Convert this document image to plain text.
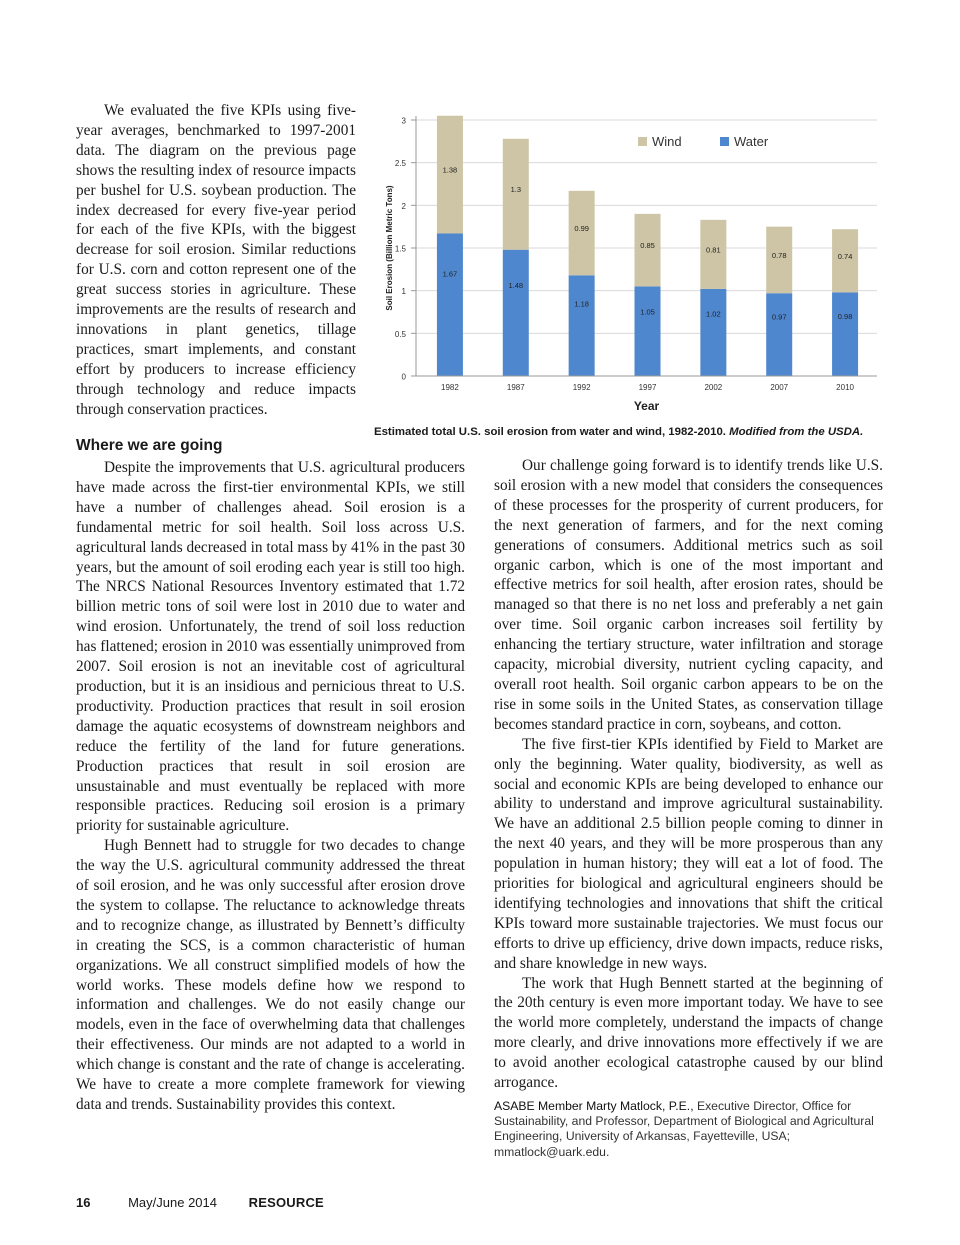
We evaluated the five KPIs using five-year averages, benchmarked to 1997-2001 data. The diagram on the previous page shows the resulting index of resource impacts per bushel for U.S. soybean production. The index decreased for every five-year period for each of the five KPIs, with the biggest decrease for soil erosion. Similar reductions for U.S. corn and cotton represent one of the great success stories in agriculture. These improvements are the results of research and innovations in plant genetics, tillage practices, smart implements, and constant effort by producers to increase efficiency through technology and reduce impacts through conservation practices.

0
0.5
1
1.5
2
2.5
3
Soil Erosion (Billion Metric Tons)	1.67
1.38
1982
1.48
1.3
1987
1.18
0.99
1992
1.05
0.85
1997
1.02
0.81
2002
0.97
0.78
2007
0.98
0.74
2010
Year
Wind	Water
Estimated total U.S. soil erosion from water and wind, 1982-2010. Modified from the USDA.
Where we are going

Despite the improvements that U.S. agricultural producers have made across the first-tier environmental KPIs, we still have a number of challenges ahead. Soil erosion is a fundamental metric for soil health. Soil loss across U.S. agricultural lands decreased in total mass by 41% in the past 30 years, but the amount of soil eroding each year is still too high. The NRCS National Resources Inventory estimated that 1.72 billion metric tons of soil were lost in 2010 due to water and wind erosion. Unfortunately, the trend of soil loss reduction has flattened; erosion in 2010 was essentially unimproved from 2007. Soil erosion is not an inevitable cost of agricultural production, but it is an insidious and pernicious threat to U.S. productivity. Production practices that result in soil erosion damage the aquatic ecosystems of downstream neighbors and reduce the fertility of the land for future generations. Production practices that result in soil erosion are unsustainable and must eventually be replaced with more responsible practices. Reducing soil erosion is a primary priority for sustainable agriculture.

Hugh Bennett had to struggle for two decades to change the way the U.S. agricultural community addressed the threat of soil erosion, and he was only successful after erosion drove the system to collapse. The reluctance to acknowledge threats and to recognize change, as illustrated by Bennett’s difficulty in creating the SCS, is a common characteristic of human organizations. We all construct simplified models of how the world works. These models define how we respond to information and challenges. We do not easily change our models, even in the face of overwhelming data that challenges their effectiveness. Our minds are not adapted to a world in which change is constant and the rate of change is accelerating. We have to create a more complete framework for viewing data and trends. Sustainability provides this context.

Our challenge going forward is to identify trends like U.S. soil erosion with a new model that considers the consequences of these processes for the prosperity of current producers, for the next generation of farmers, and for the next coming generations of consumers. Additional metrics such as soil organic carbon, which is one of the most important and effective metrics for soil health, after erosion rates, should be managed so that there is no net loss and preferably a net gain over time. Soil organic carbon increases soil fertility by enhancing the tertiary structure, water infiltration and storage capacity, microbial diversity, nutrient cycling capacity, and overall root health. Soil organic carbon appears to be on the rise in some soils in the United States, as conservation tillage becomes standard practice in corn, soybeans, and cotton.

The five first-tier KPIs identified by Field to Market are only the beginning. Water quality, biodiversity, as well as social and economic KPIs are being developed to enhance our ability to understand and improve agricultural sustainability. We have an additional 2.5 billion people coming to dinner in the next 40 years, and they will be more prosperous than any population in human history; they will eat a lot of food. The priorities for biological and agricultural engineers should be identifying technologies and innovations that shift the critical KPIs toward more sustainable trajectories. We must focus our efforts to drive up efficiency, drive down impacts, reduce risks, and share knowledge in new ways.

The work that Hugh Bennett started at the beginning of the 20th century is even more important today. We have to see the world more completely, understand the impacts of change more clearly, and drive innovations more effectively if we are to avoid another ecological catastrophe caused by our blind arrogance.

ASABE Member Marty Matlock, P.E., Executive Director, Office for Sustainability, and Professor, Department of Biological and Agricultural Engineering, University of Arkansas, Fayetteville, USA; mmatlock@uark.edu.
16	May/June 2014 RESOURCE
